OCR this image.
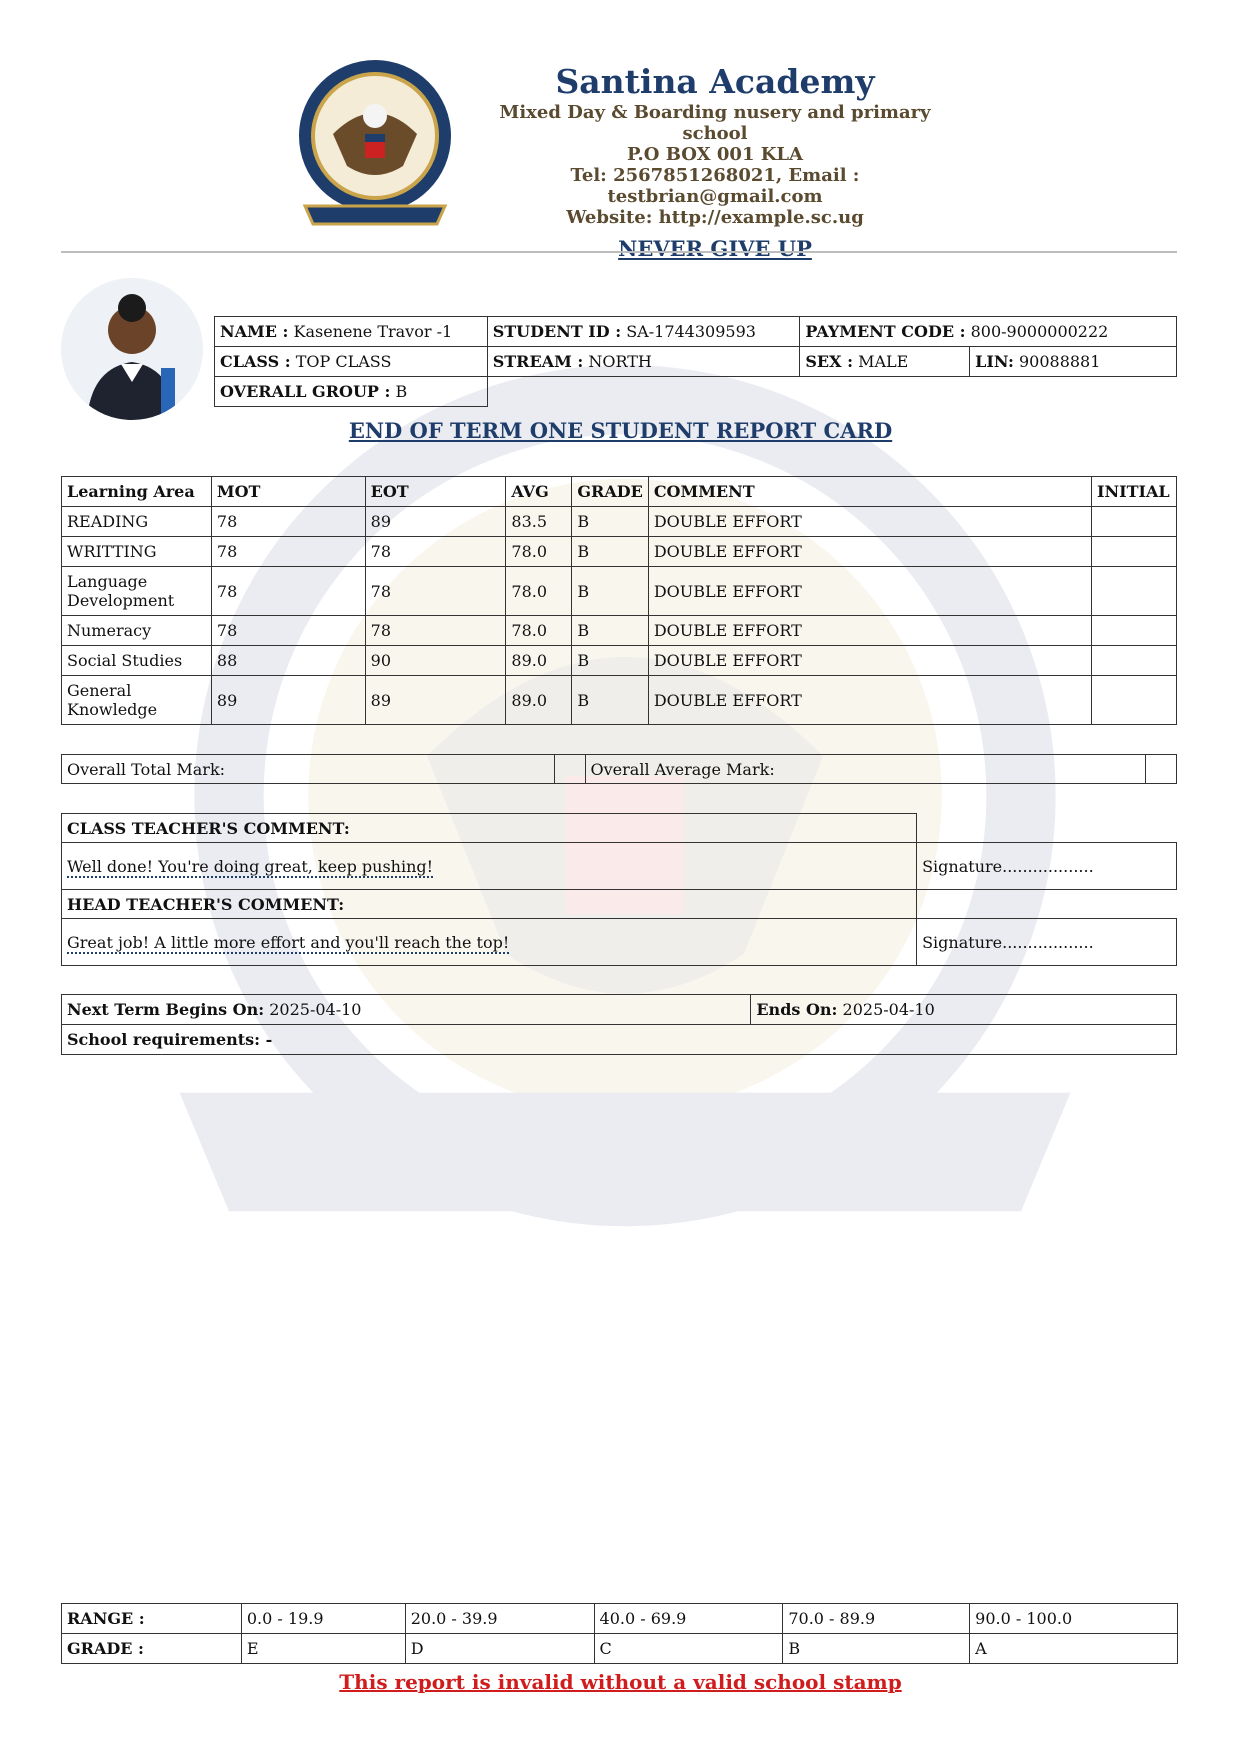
Santina Academy
Mixed Day & Boarding nusery and primary school
P.O BOX 001 KLA
Tel: 2567851268021, Email : testbrian@gmail.com
Website: http://example.sc.ug
NEVER GIVE UP
NAME : Kasenene Travor -1	STUDENT ID : SA-1744309593	PAYMENT CODE : 800-9000000222	
CLASS : TOP CLASS	STREAM : NORTH	SEX : MALE	LIN: 90088881
OVERALL GROUP : B			
END OF TERM ONE STUDENT REPORT CARD
Learning Area	MOT	EOT	AVG	GRADE	COMMENT	INITIAL
READING	78	89	83.5	B	DOUBLE EFFORT	
WRITTING	78	78	78.0	B	DOUBLE EFFORT	
Language Development	78	78	78.0	B	DOUBLE EFFORT	
Numeracy	78	78	78.0	B	DOUBLE EFFORT	
Social Studies	88	90	89.0	B	DOUBLE EFFORT	
General Knowledge	89	89	89.0	B	DOUBLE EFFORT	
Overall Total Mark:		Overall Average Mark:	
CLASS TEACHER'S COMMENT:	
Well done! You're doing great, keep pushing!	Signature..................
HEAD TEACHER'S COMMENT:	
Great job! A little more effort and you'll reach the top!	Signature..................
Next Term Begins On: 2025-04-10	Ends On: 2025-04-10
School requirements: -
RANGE :	0.0 - 19.9	20.0 - 39.9	40.0 - 69.9	70.0 - 89.9	90.0 - 100.0
GRADE :	E	D	C	B	A
This report is invalid without a valid school stamp
